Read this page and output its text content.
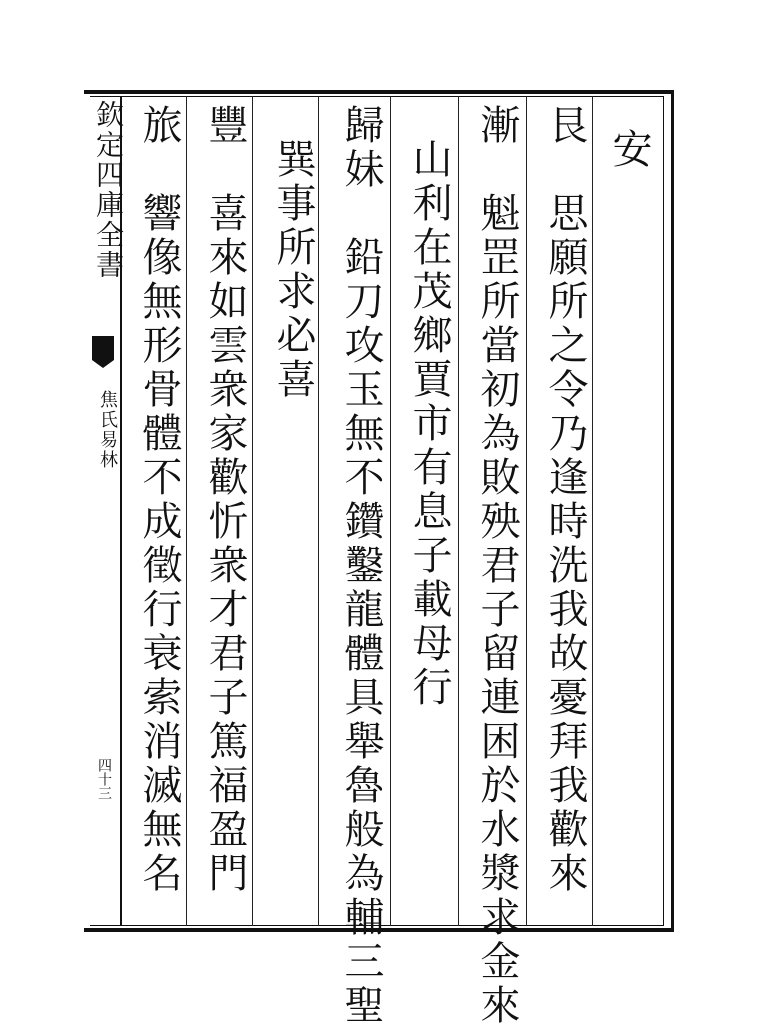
欽定四庫全書
焦氏易林
四十三
安
艮　思願所之令乃逢時洗我故憂拜我歡來
漸　魁罡所當初為敗殃君子留連困於水漿求金來
山利在茂鄉賈市有息子載母行
歸妹　鉛刀攻玉無不鑽鑿龍體具舉魯般為輔三聖
巽事所求必喜
豐　喜來如雲衆家歡忻衆才君子篤福盈門
旅　響像無形骨體不成徵行衰索消滅無名
